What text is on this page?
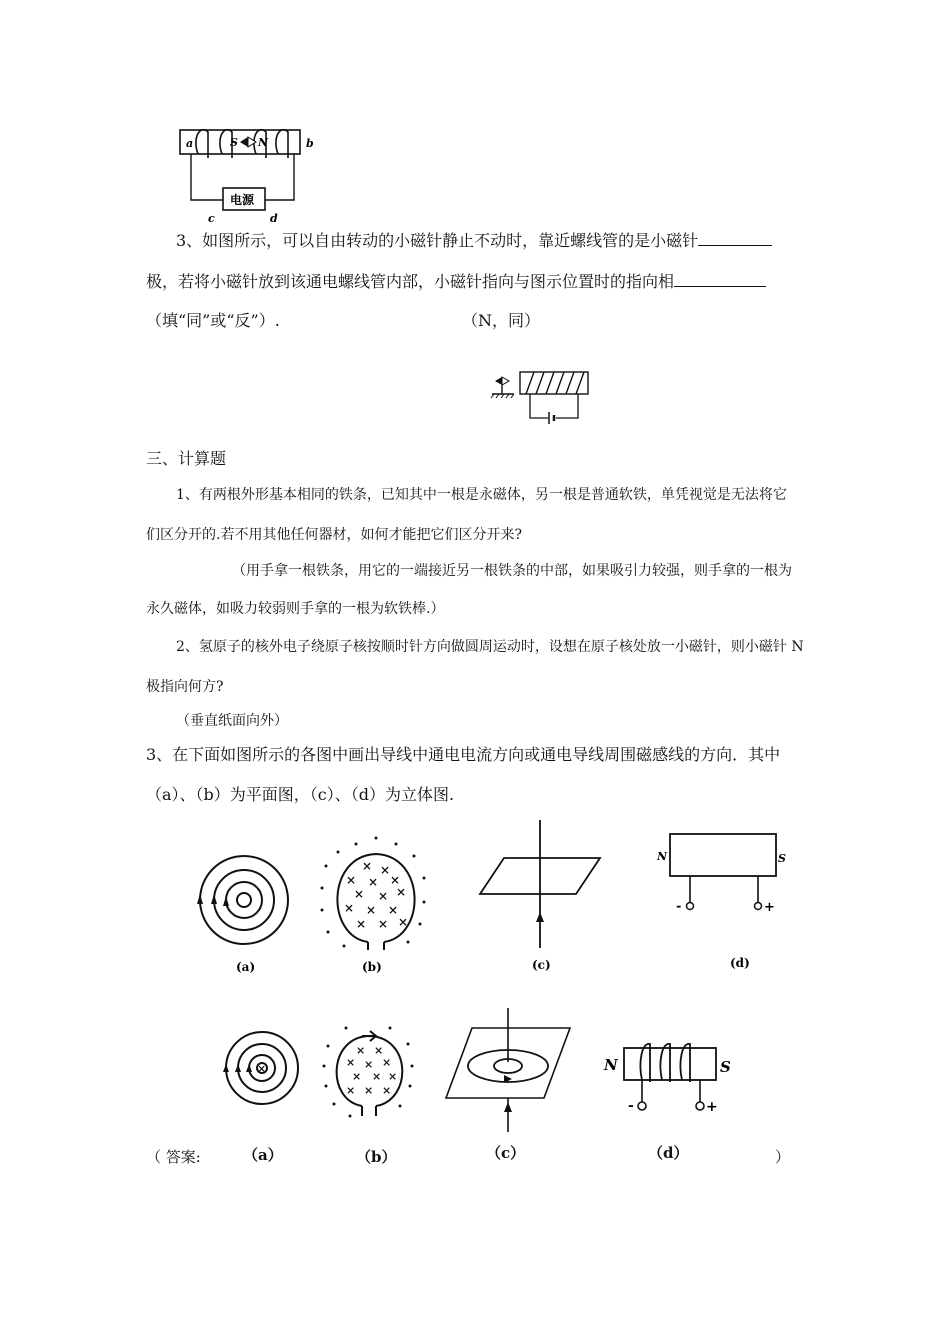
a	b
S N
电源
c	d
3、如图所示，可以自由转动的小磁针静止不动时，靠近螺线管的是小磁针
极，若将小磁针放到该通电螺线管内部，小磁针指向与图示位置时的指向相
（填“同”或“反”）.	（N，同）
三、计算题
1、有两根外形基本相同的铁条，已知其中一根是永磁体，另一根是普通软铁，单凭视觉是无法将它
们区分开的.若不用其他任何器材，如何才能把它们区分开来?
（用手拿一根铁条，用它的一端接近另一根铁条的中部，如果吸引力较强，则手拿的一根为
永久磁体，如吸力较弱则手拿的一根为软铁棒.）
2、氢原子的核外电子绕原子核按顺时针方向做圆周运动时，设想在原子核处放一小磁针，则小磁针 N
极指向何方?
（垂直纸面向外）
3、在下面如图所示的各图中画出导线中通电电流方向或通电导线周围磁感线的方向．其中
（a）、（b）为平面图，（c）、（d）为立体图.
(a)
× ×
× × ×
× × ×
× × ×
× × ×
(b)	(c)
N	S
-	+
(d)
×
× ×
× × ×
× × ×
× × ×
N	S
-	+
（ 答案:	（a）	（b）	（c）	（d）	）
